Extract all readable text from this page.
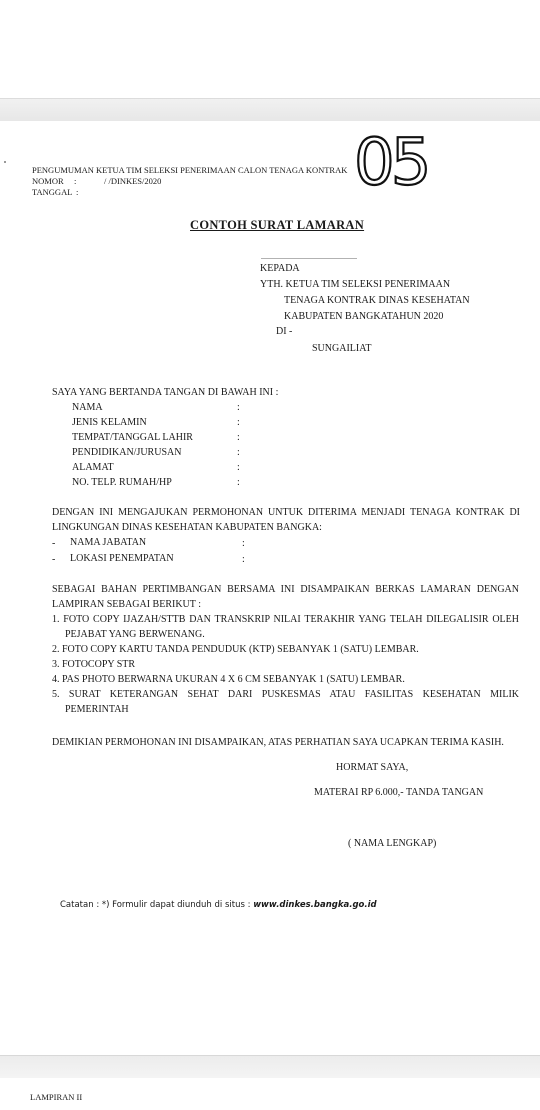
PENGUMUMAN KETUA TIM SELEKSI PENERIMAAN CALON TENAGA KONTRAK
NOMOR :	/ /DINKES/2020
TANGGAL :	05
CONTOH SURAT LAMARAN
................................................
KEPADA
YTH. KETUA TIM SELEKSI PENERIMAAN
TENAGA KONTRAK DINAS KESEHATAN
KABUPATEN BANGKATAHUN 2020
DI -
SUNGAILIAT
SAYA YANG BERTANDA TANGAN DI BAWAH INI :
NAMA	:
JENIS KELAMIN	:
TEMPAT/TANGGAL LAHIR	:
PENDIDIKAN/JURUSAN	:
ALAMAT	:
NO. TELP. RUMAH/HP	:
DENGAN INI MENGAJUKAN PERMOHONAN UNTUK DITERIMA MENJADI TENAGA KONTRAK DI
LINGKUNGAN DINAS KESEHATAN KABUPATEN BANGKA:
- NAMA JABATAN	:
- LOKASI PENEMPATAN	:
SEBAGAI BAHAN PERTIMBANGAN BERSAMA INI DISAMPAIKAN BERKAS LAMARAN DENGAN
LAMPIRAN SEBAGAI BERIKUT :
1. FOTO COPY IJAZAH/STTB DAN TRANSKRIP NILAI TERAKHIR YANG TELAH DILEGALISIR OLEH
PEJABAT YANG BERWENANG.
2. FOTO COPY KARTU TANDA PENDUDUK (KTP) SEBANYAK 1 (SATU) LEMBAR.
3. FOTOCOPY STR
4. PAS PHOTO BERWARNA UKURAN 4 X 6 CM SEBANYAK 1 (SATU) LEMBAR.
5. SURAT KETERANGAN SEHAT DARI PUSKESMAS ATAU FASILITAS KESEHATAN MILIK
PEMERINTAH
DEMIKIAN PERMOHONAN INI DISAMPAIKAN, ATAS PERHATIAN SAYA UCAPKAN TERIMA KASIH.
HORMAT SAYA,
MATERAI RP 6.000,- TANDA TANGAN
( NAMA LENGKAP)
Catatan : *) Formulir dapat diunduh di situs : www.dinkes.bangka.go.id
LAMPIRAN II
